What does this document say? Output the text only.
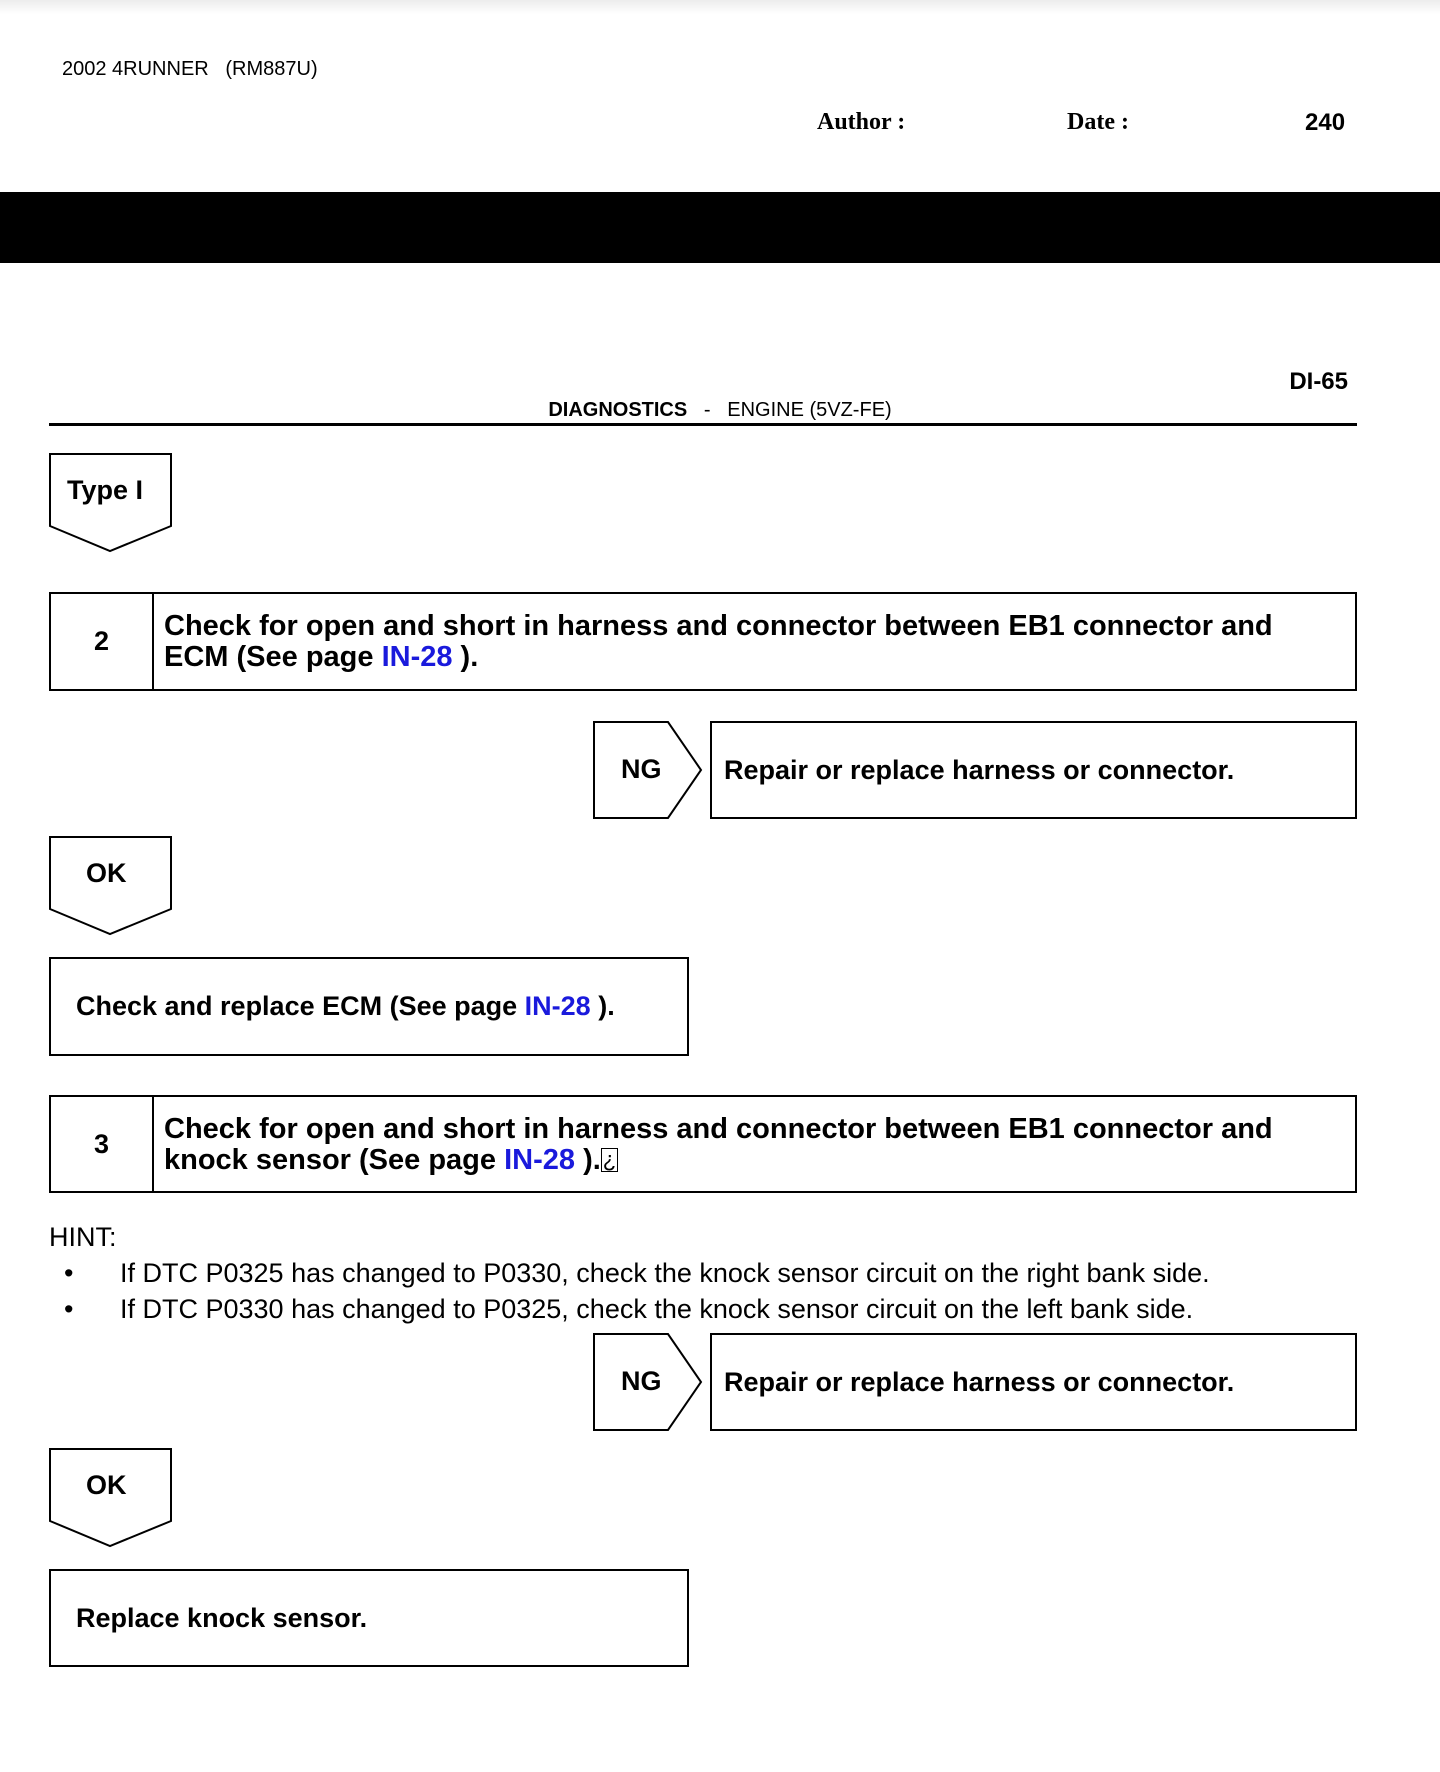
2002 4RUNNER   (RM887U)
Author :	Date :	240
DI-65
DIAGNOSTICS - ENGINE (5VZ-FE)
Type I
2	Check for open and short in harness and connector between EB1 connector and ECM (See page IN-28 ).
NG Repair or replace harness or connector.
OK
Check and replace ECM (See page IN-28 ).
3	Check for open and short in harness and connector between EB1 connector and knock sensor (See page IN-28 ).¿
HINT:
• If DTC P0325 has changed to P0330, check the knock sensor circuit on the right bank side.
• If DTC P0330 has changed to P0325, check the knock sensor circuit on the left bank side.
NG Repair or replace harness or connector.
OK
Replace knock sensor.
